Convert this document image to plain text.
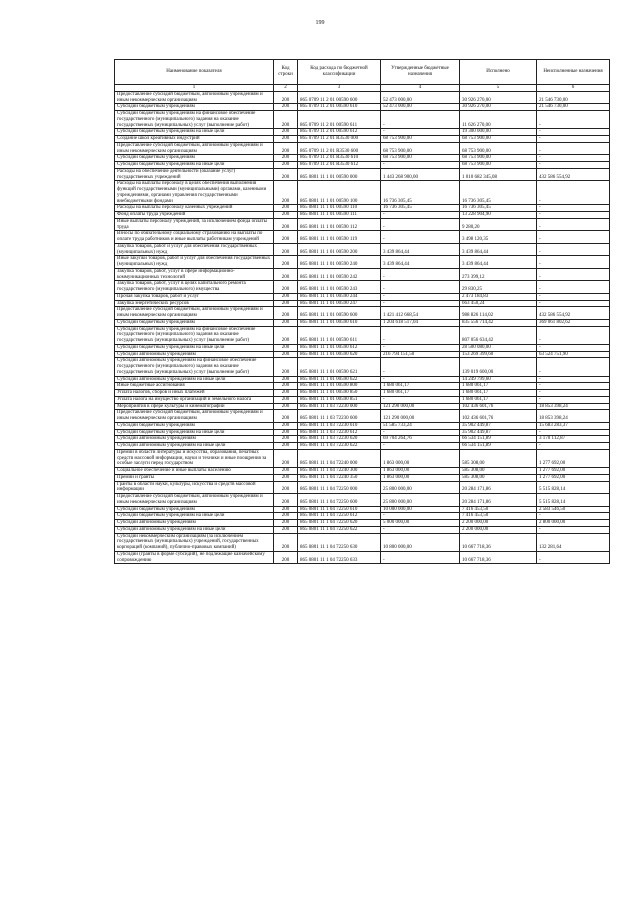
199
Наименование показателя	Код строки	Код расхода по бюджетной классификации	Утвержденные бюджетные назначения	Исполнено	Неисполненные назначения
1	2	3	4	5	6
Предоставление субсидий бюджетным, автономным учреждениям и иным некоммерческим организациям	200	865 0709 11 2 01 00590 600	52 473 000,00	30 926 270,00	21 546 730,00
Субсидии бюджетным учреждениям	200	865 0709 11 2 01 00590 610	52 473 000,00	30 926 270,00	21 546 730,00
Субсидии бюджетным учреждениям на финансовое обеспечение государственного (муниципального) задания на оказание государственных (муниципальных) услуг (выполнение работ)	200	865 0709 11 2 01 00590 611	-	11 626 270,00	-
Субсидии бюджетным учреждениям на иные цели	200	865 0709 11 2 01 00590 612	-	19 300 000,00	-
Создание школ креативных индустрий	200	865 0709 11 2 01 R3530 000	68 753 900,00	68 753 900,00	-
Предоставление субсидий бюджетным, автономным учреждениям и иным некоммерческим организациям	200	865 0709 11 2 01 R3530 600	68 753 900,00	68 753 900,00	-
Субсидии бюджетным учреждениям	200	865 0709 11 2 01 R3530 610	68 753 900,00	68 753 900,00	-
Субсидии бюджетным учреждениям на иные цели	200	865 0709 11 2 01 R3530 612	-	68 753 900,00	-
Расходы на обеспечение деятельности (оказание услуг) государственных учреждений	200	865 0801 11 1 01 00590 000	1 443 268 900,00	1 010 682 345,08	432 586 554,92
Расходы на выплаты персоналу в целях обеспечения выполнения функций государственными (муниципальными) органами, казенными учреждениями, органами управления государственными внебюджетными фондами	200	865 0801 11 1 01 00590 100	16 736 305,45	16 736 305,45	-
Расходы на выплаты персоналу казенных учреждений	200	865 0801 11 1 01 00590 110	16 736 305,45	16 736 305,45	-
Фонд оплаты труда учреждений	200	865 0801 11 1 01 00590 111	-	13 228 904,90	-
Иные выплаты персоналу учреждений, за исключением фонда оплаты труда	200	865 0801 11 1 01 00590 112	-	9 280,20	-
Взносы по обязательному социальному страхованию на выплаты по оплате труда работников и иные выплаты работникам учреждений	200	865 0801 11 1 01 00590 119	-	3 498 120,35	-
Закупка товаров, работ и услуг для обеспечения государственных (муниципальных) нужд	200	865 0801 11 1 01 00590 200	3 439 864,44	3 439 864,44	-
Иные закупки товаров, работ и услуг для обеспечения государственных (муниципальных) нужд	200	865 0801 11 1 01 00590 240	3 439 864,44	3 439 864,44	-
Закупка товаров, работ, услуг в сфере информационно-коммуникационных технологий	200	865 0801 11 1 01 00590 242	-	273 399,12	-
Закупка товаров, работ, услуг в целях капитального ремонта государственного (муниципального) имущества	200	865 0801 11 1 01 00590 243	-	29 830,25	-
Прочая закупка товаров, работ и услуг	200	865 0801 11 1 01 00590 244	-	2 473 184,83	-
Закупка энергетических ресурсов	200	865 0801 11 1 01 00590 247	-	663 450,24	-
Предоставление субсидий бюджетным, автономным учреждениям и иным некоммерческим организациям	200	865 0801 11 1 01 00590 600	1 421 412 668,54	988 826 114,02	432 586 554,92
Субсидии бюджетным учреждениям	200	865 0801 11 1 01 00590 610	1 204 618 517,04	835 556 714,42	369 061 802,62
Субсидии бюджетным учреждениям на финансовое обеспечение государственного (муниципального) задания на оказание государственных (муниципальных) услуг (выполнение работ)	200	865 0801 11 1 01 00590 611	-	807 056 634,42	-
Субсидии бюджетным учреждениям на иные цели	200	865 0801 11 1 01 00590 612	-	28 500 080,00	-
Субсидии автономным учреждениям	200	865 0801 11 1 01 00590 620	216 794 151,50	153 269 399,60	63 524 751,90
Субсидии автономным учреждениям на финансовое обеспечение государственного (муниципального) задания на оказание государственных (муниципальных) услуг (выполнение работ)	200	865 0801 11 1 01 00590 621	-	139 019 600,00	-
Субсидии автономным учреждениям на иные цели	200	865 0801 11 1 01 00590 622	-	14 249 799,60	-
Иные бюджетные ассигнования	200	865 0801 11 1 01 00590 800	1 680 061,17	1 680 061,17	-
Уплата налогов, сборов и иных платежей	200	865 0801 11 1 01 00590 850	1 680 061,17	1 680 061,17	-
Уплата налога на имущество организаций и земельного налога	200	865 0801 11 1 01 00590 851	-	1 680 061,17	-
Мероприятия в сфере культуры и кинематографии	200	865 0801 11 1 03 72230 000	121 290 000,00	102 436 601,76	18 853 398,24
Предоставление субсидий бюджетным, автономным учреждениям и иным некоммерческим организациям	200	865 0801 11 1 03 72230 600	121 290 000,00	102 436 601,76	18 853 398,24
Субсидии бюджетным учреждениям	200	865 0801 11 1 03 72230 610	51 585 733,24	35 902 449,87	15 683 283,37
Субсидии бюджетным учреждениям на иные цели	200	865 0801 11 1 03 72230 612	-	35 902 449,87	-
Субсидии автономным учреждениям	200	865 0801 11 1 03 72230 620	69 704 264,76	66 534 151,89	3 170 112,87
Субсидии автономным учреждениям на иные цели	200	865 0801 11 1 03 72230 622	-	66 534 151,89	-
Премии в области литературы и искусства, образования, печатных средств массовой информации, науки и техники и иные поощрения за особые заслуги перед государством	200	865 0801 11 1 04 72240 000	1 863 000,00	585 308,00	1 277 692,00
Социальное обеспечение и иные выплаты населению	200	865 0801 11 1 04 72240 300	1 863 000,00	585 308,00	1 277 692,00
Премии и гранты	200	865 0801 11 1 04 72240 350	1 863 000,00	585 308,00	1 277 692,00
Гранты в области науки, культуры, искусства и средств массовой информации	200	865 0801 11 1 04 72250 000	25 800 000,00	20 284 171,86	5 515 828,14
Предоставление субсидий бюджетным, автономным учреждениям и иным некоммерческим организациям	200	865 0801 11 1 04 72250 600	25 800 000,00	20 284 171,86	5 515 828,14
Субсидии бюджетным учреждениям	200	865 0801 11 1 04 72250 610	10 000 000,00	7 416 453,50	2 583 546,50
Субсидии бюджетным учреждениям на иные цели	200	865 0801 11 1 04 72250 612	-	7 416 453,50	-
Субсидии автономным учреждениям	200	865 0801 11 1 04 72250 620	5 000 000,00	2 200 000,00	2 800 000,00
Субсидии автономным учреждениям на иные цели	200	865 0801 11 1 04 72250 622	-	2 200 000,00	-
Субсидии некоммерческим организациям (за исключением государственных (муниципальных) учреждений, государственных корпораций (компаний), публично-правовых компаний)	200	865 0801 11 1 04 72250 630	10 800 000,00	10 667 718,36	132 281,64
Субсидии (гранты в форме субсидий), не подлежащие казначейскому сопровождению	200	865 0801 11 1 04 72250 633	-	10 667 718,36	-
